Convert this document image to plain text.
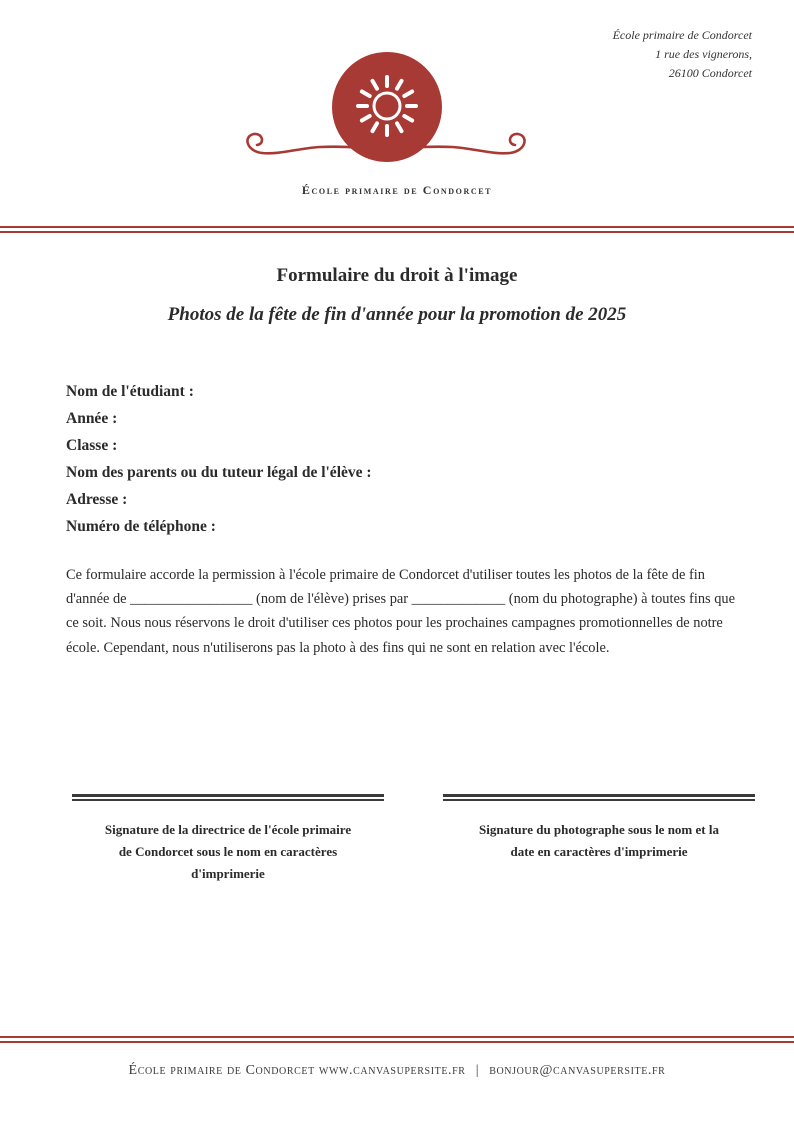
École primaire de Condorcet
1 rue des vignerons,
26100 Condorcet
École primaire de Condorcet
Formulaire du droit à l'image
Photos de la fête de fin d'année pour la promotion de 2025
Nom de l'étudiant :
Année :
Classe :
Nom des parents ou du tuteur légal de l'élève :
Adresse :
Numéro de téléphone :

Ce formulaire accorde la permission à l'école primaire de Condorcet d'utiliser toutes les photos de la fête de fin d'année de _________________ (nom de l'élève) prises par _____________ (nom du photographe) à toutes fins que ce soit. Nous nous réservons le droit d'utiliser ces photos pour les prochaines campagnes promotionnelles de notre école. Cependant, nous n'utiliserons pas la photo à des fins qui ne sont en relation avec l'école.

Signature de la directrice de l'école primaire de Condorcet sous le nom en caractères d'imprimerie
Signature du photographe sous le nom et la date en caractères d'imprimerie
École primaire de Condorcet www.canvasupersite.fr | bonjour@canvasupersite.fr
